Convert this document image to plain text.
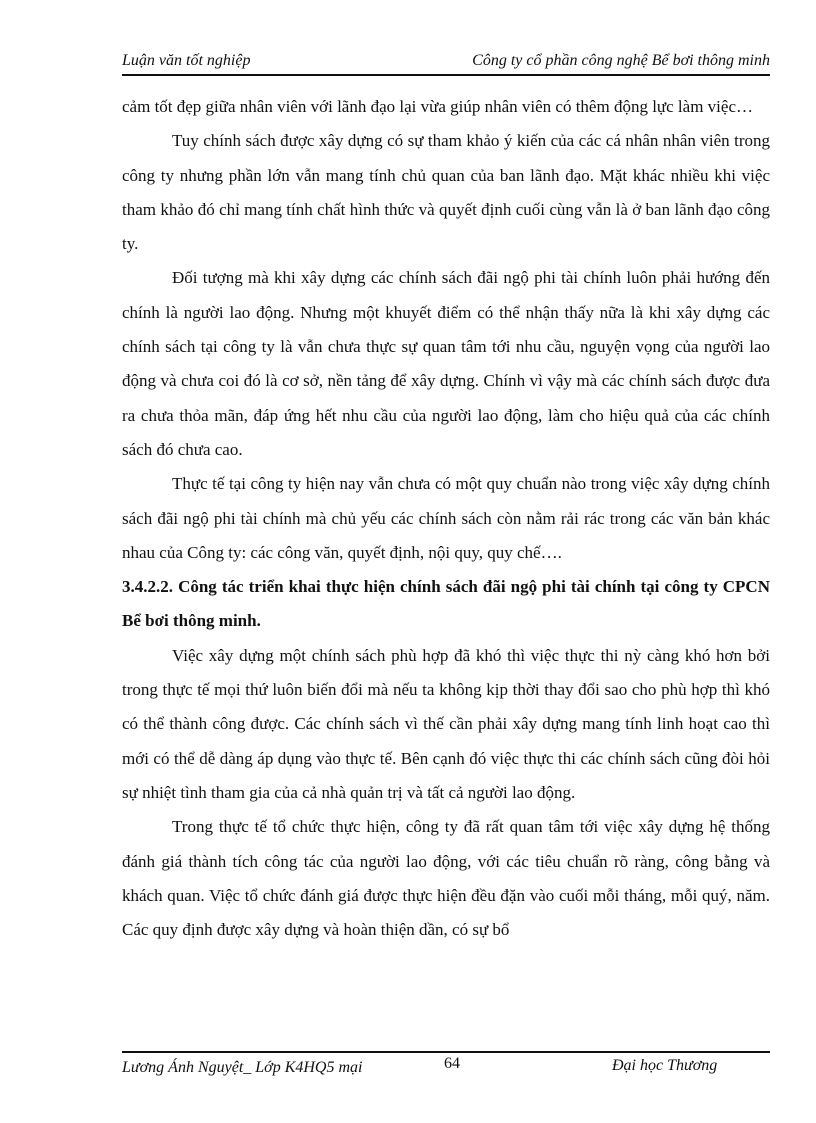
Luận văn tốt nghiệp	Công ty cổ phần công nghệ Bể bơi thông minh

cảm tốt đẹp giữa nhân viên với lãnh đạo lại vừa giúp nhân viên có thêm động lực làm việc…

Tuy chính sách được xây dựng có sự tham khảo ý kiến của các cá nhân nhân viên trong công ty nhưng phần lớn vẫn mang tính chủ quan của ban lãnh đạo. Mặt khác nhiều khi việc tham khảo đó chỉ mang tính chất hình thức và quyết định cuối cùng vẫn là ở ban lãnh đạo công ty.

Đối tượng mà khi xây dựng các chính sách đãi ngộ phi tài chính luôn phải hướng đến chính là người lao động. Nhưng một khuyết điểm có thể nhận thấy nữa là khi xây dựng các chính sách tại công ty là vẫn chưa thực sự quan tâm tới nhu cầu, nguyện vọng của người lao động và chưa coi đó là cơ sở, nền tảng để xây dựng. Chính vì vậy mà các chính sách được đưa ra chưa thỏa mãn, đáp ứng hết nhu cầu của người lao động, làm cho hiệu quả của các chính sách đó chưa cao.

Thực tế tại công ty hiện nay vẫn chưa có một quy chuẩn nào trong việc xây dựng chính sách đãi ngộ phi tài chính mà chủ yếu các chính sách còn nằm rải rác trong các văn bản khác nhau của Công ty: các công văn, quyết định, nội quy, quy chế….

3.4.2.2. Công tác triển khai thực hiện chính sách đãi ngộ phi tài chính tại công ty CPCN Bể bơi thông minh.

Việc xây dựng một chính sách phù hợp đã khó thì việc thực thi nỳ càng khó hơn bởi trong thực tế mọi thứ luôn biến đổi mà nếu ta không kịp thời thay đổi sao cho phù hợp thì khó có thể thành công được. Các chính sách vì thế cần phải xây dựng mang tính linh hoạt cao thì mới có thể dễ dàng áp dụng vào thực tế. Bên cạnh đó việc thực thi các chính sách cũng đòi hỏi sự nhiệt tình tham gia của cả nhà quản trị và tất cả người lao động.

Trong thực tế tổ chức thực hiện, công ty đã rất quan tâm tới việc xây dựng hệ thống đánh giá thành tích công tác của người lao động, với các tiêu chuẩn rõ ràng, công bằng và khách quan. Việc tổ chức đánh giá được thực hiện đều đặn vào cuối mỗi tháng, mỗi quý, năm. Các quy định được xây dựng và hoàn thiện dần, có sự bổ

Lương Ánh Nguyệt_ Lớp K4HQ5 mại	64	Đại học Thương
